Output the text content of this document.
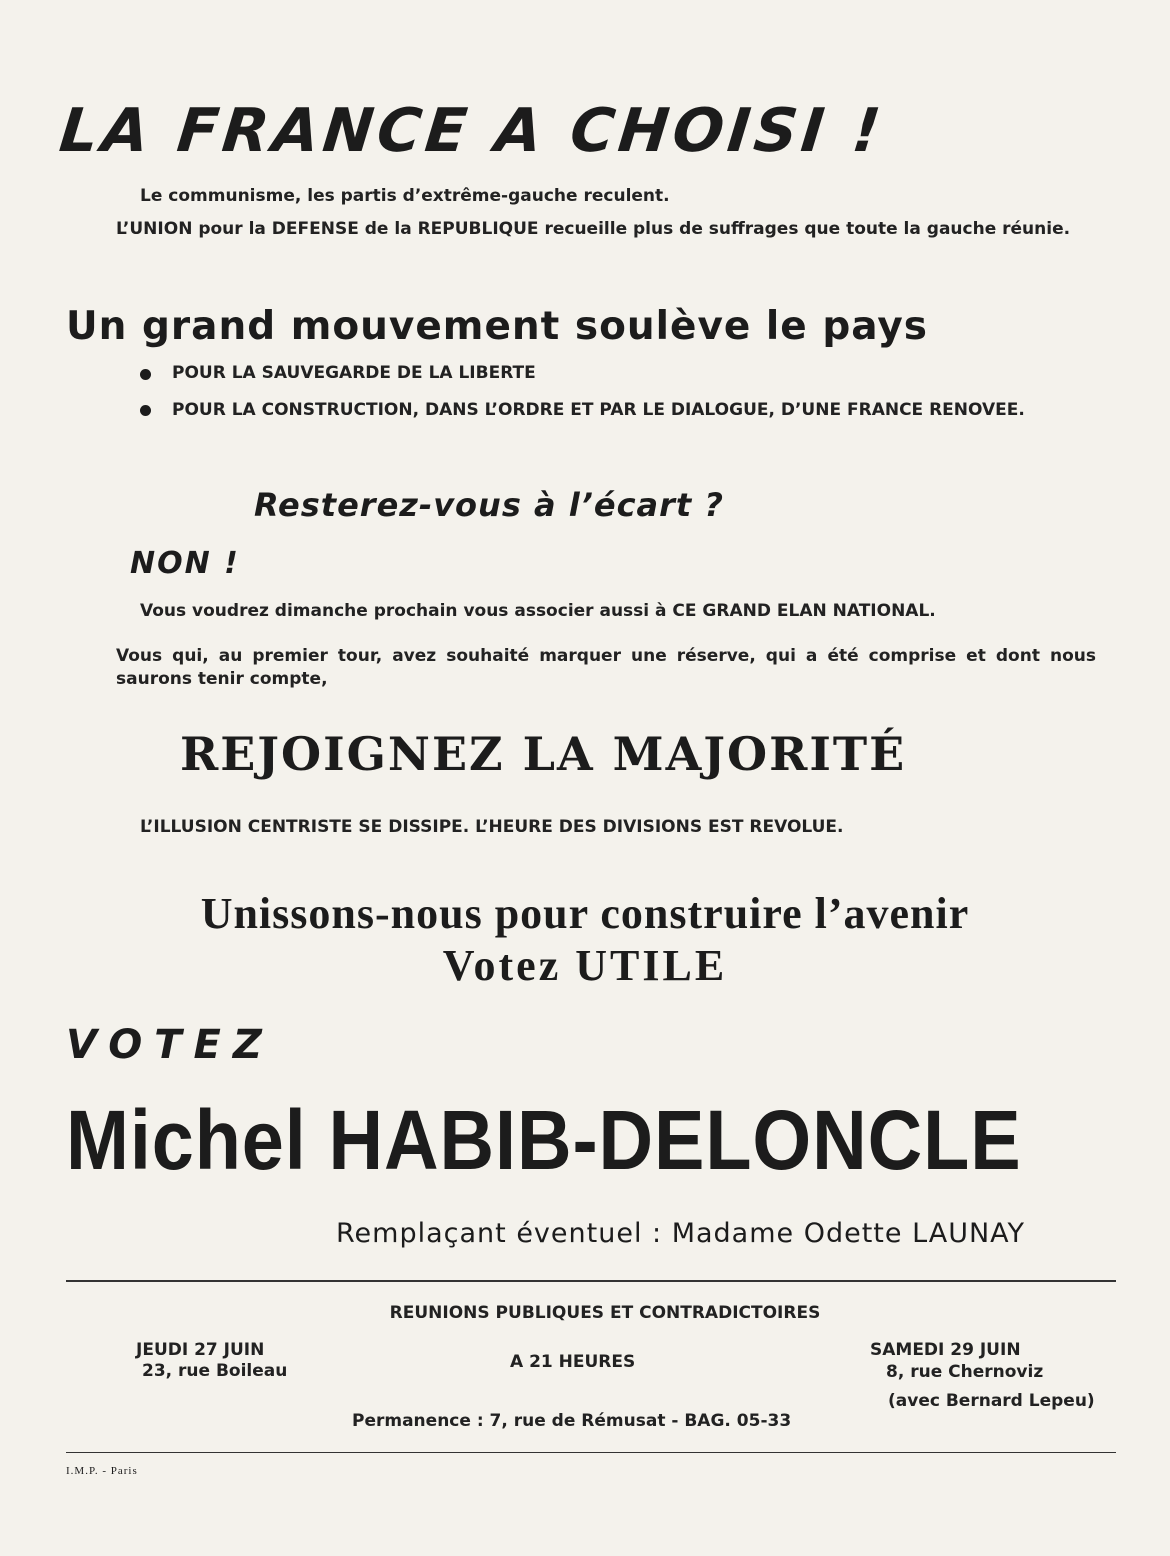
LA FRANCE A CHOISI !
Le communisme, les partis d’extrême-gauche reculent.
L’UNION pour la DEFENSE de la REPUBLIQUE recueille plus de suffrages que toute la gauche réunie.
Un grand mouvement soulève le pays
POUR LA SAUVEGARDE DE LA LIBERTE
POUR LA CONSTRUCTION, DANS L’ORDRE ET PAR LE DIALOGUE, D’UNE FRANCE RENOVEE.
Resterez-vous à l’écart ?
NON !
Vous voudrez dimanche prochain vous associer aussi à CE GRAND ELAN NATIONAL.
Vous qui, au premier tour, avez souhaité marquer une réserve, qui a été comprise et dont nous saurons tenir compte,
REJOIGNEZ LA MAJORITÉ
L’ILLUSION CENTRISTE SE DISSIPE. L’HEURE DES DIVISIONS EST REVOLUE.
Unissons-nous pour construire l’avenir
Votez UTILE
VOTEZ
Michel HABIB-DELONCLE
Remplaçant éventuel : Madame Odette LAUNAY
REUNIONS PUBLIQUES ET CONTRADICTOIRES
JEUDI 27 JUIN
23, rue Boileau	A 21 HEURES
SAMEDI 29 JUIN
8, rue Chernoviz
(avec Bernard Lepeu)
Permanence : 7, rue de Rémusat - BAG. 05-33
I.M.P. - Paris
